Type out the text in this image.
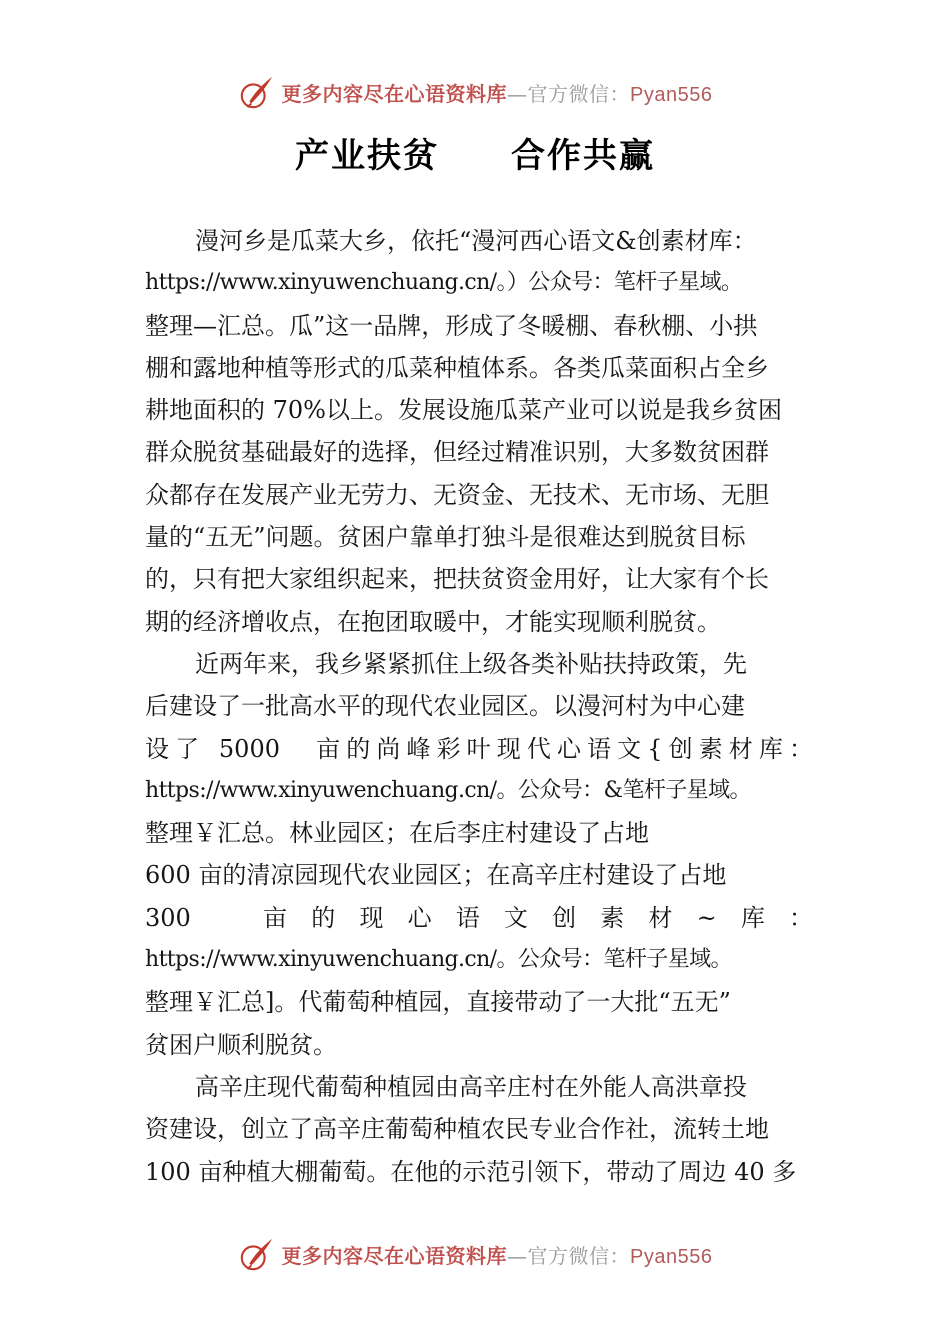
更多内容尽在心语资料库—官方微信：Pyan556
产业扶贫　　合作共赢
漫河乡是瓜菜大乡，依托“漫河西心语文&创素材库：
https://www.xinyuwenchuang.cn/。）公众号：笔杆子星域。
整理—汇总。瓜”这一品牌，形成了冬暖棚、春秋棚、小拱
棚和露地种植等形式的瓜菜种植体系。各类瓜菜面积占全乡
耕地面积的 70%以上。发展设施瓜菜产业可以说是我乡贫困
群众脱贫基础最好的选择，但经过精准识别，大多数贫困群
众都存在发展产业无劳力、无资金、无技术、无市场、无胆
量的“五无”问题。贫困户靠单打独斗是很难达到脱贫目标
的，只有把大家组织起来，把扶贫资金用好，让大家有个长
期的经济增收点，在抱团取暖中，才能实现顺利脱贫。
近两年来，我乡紧紧抓住上级各类补贴扶持政策，先
后建设了一批高水平的现代农业园区。以漫河村为中心建
设了 5000　亩的尚峰彩叶现代心语文{创素材库：
https://www.xinyuwenchuang.cn/。公众号：&笔杆子星域。
整理￥汇总。林业园区；在后李庄村建设了占地
600 亩的清凉园现代农业园区；在高辛庄村建设了占地
300　亩的现心语文创素材~库：
https://www.xinyuwenchuang.cn/。公众号：笔杆子星域。
整理￥汇总]。代葡萄种植园，直接带动了一大批“五无”
贫困户顺利脱贫。
高辛庄现代葡萄种植园由高辛庄村在外能人高洪章投
资建设，创立了高辛庄葡萄种植农民专业合作社，流转土地
100 亩种植大棚葡萄。在他的示范引领下，带动了周边 40 多
更多内容尽在心语资料库—官方微信：Pyan556
